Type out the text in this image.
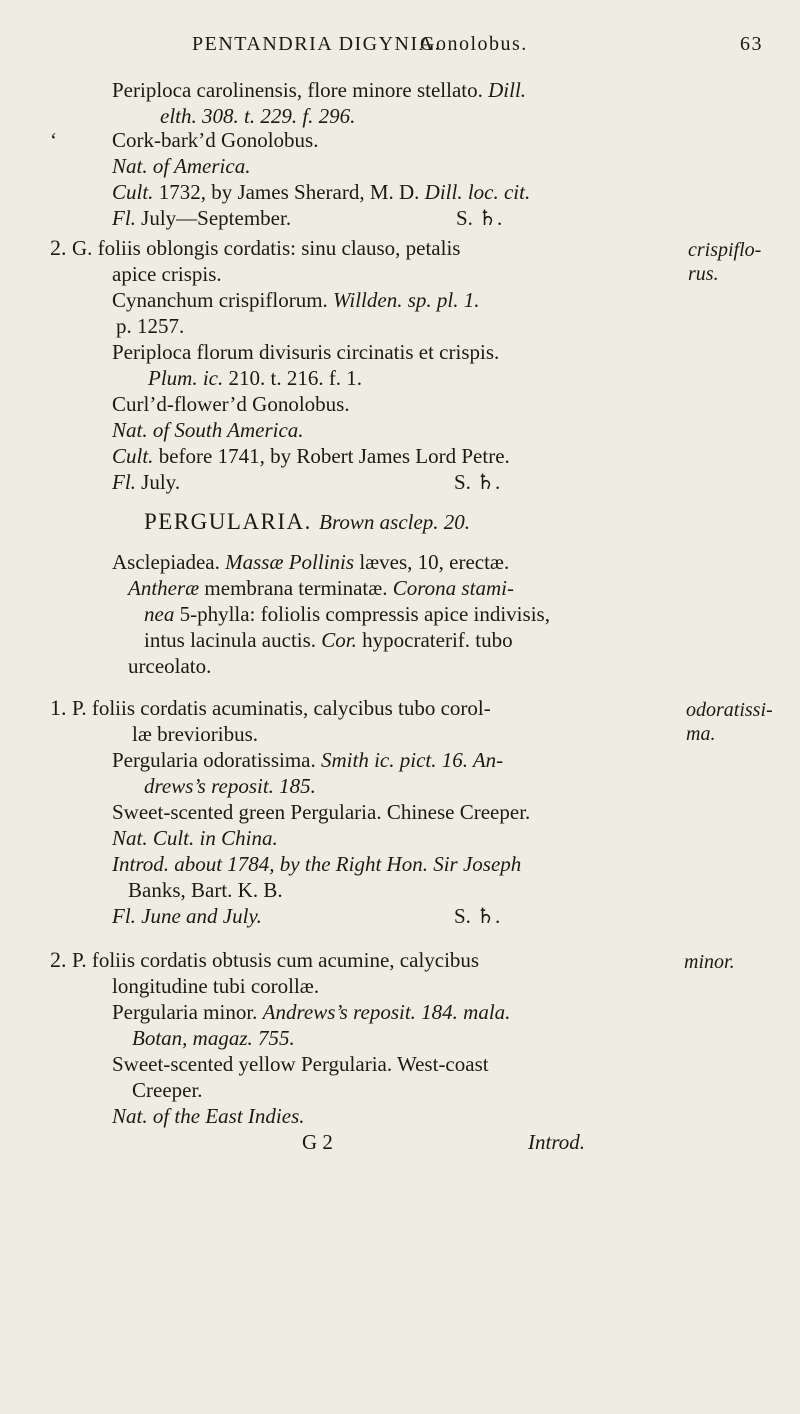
PENTANDRIA DIGYNIA.
Gonolobus.	63
Periploca carolinensis, flore minore stellato. Dill.
elth. 308. t. 229. f. 296.
ʻ	Cork-bark’d Gonolobus.
Nat. of America.
Cult. 1732, by James Sherard, M. D. Dill. loc. cit.
Fl. July—September.	S. ♄.
2. G. foliis oblongis cordatis: sinu clauso, petalis	crispiflo-
rus.
apice crispis.
Cynanchum crispiflorum. Willden. sp. pl. 1.
p. 1257.
Periploca florum divisuris circinatis et crispis.
Plum. ic. 210. t. 216. f. 1.
Curl’d-flower’d Gonolobus.
Nat. of South America.
Cult. before 1741, by Robert James Lord Petre.
Fl. July.	S. ♄.
PERGULARIA. Brown asclep. 20.
Asclepiadea. Massæ Pollinis læves, 10, erectæ.
Antheræ membrana terminatæ. Corona stami-
nea 5-phylla: foliolis compressis apice indivisis,
intus lacinula auctis. Cor. hypocraterif. tubo
urceolato.
1. P. foliis cordatis acuminatis, calycibus tubo corol-	odoratissi-
ma.
læ brevioribus.
Pergularia odoratissima. Smith ic. pict. 16. An-
drews’s reposit. 185.
Sweet-scented green Pergularia. Chinese Creeper.
Nat. Cult. in China.
Introd. about 1784, by the Right Hon. Sir Joseph
Banks, Bart. K. B.
Fl. June and July.	S. ♄.
2. P. foliis cordatis obtusis cum acumine, calycibus	minor.
longitudine tubi corollæ.
Pergularia minor. Andrews’s reposit. 184. mala.
Botan, magaz. 755.
Sweet-scented yellow Pergularia. West-coast
Creeper.
Nat. of the East Indies.
G 2	Introd.
